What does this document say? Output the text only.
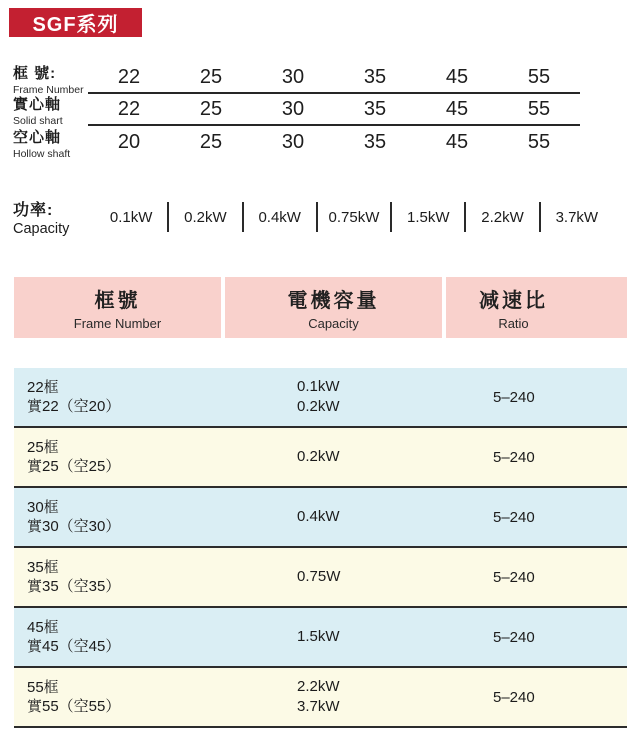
SGF系列
框 號:
Frame Number
22	25	30	35	45	55
實心軸
Solid shart
22	25	30	35	45	55
空心軸
Hollow shaft
20	25	30	35	45	55
功率:
Capacity
0.1kW	0.2kW	0.4kW	0.75kW	1.5kW	2.2kW	3.7kW
框號
Frame Number
電機容量
Capacity
减速比
Ratio
22框
實22（空20）
0.1kW
0.2kW
5–240
25框
實25（空25）
0.2kW	5–240
30框
實30（空30）
0.4kW	5–240
35框
實35（空35）
0.75W	5–240
45框
實45（空45）
1.5kW	5–240
55框
實55（空55）
2.2kW
3.7kW
5–240
